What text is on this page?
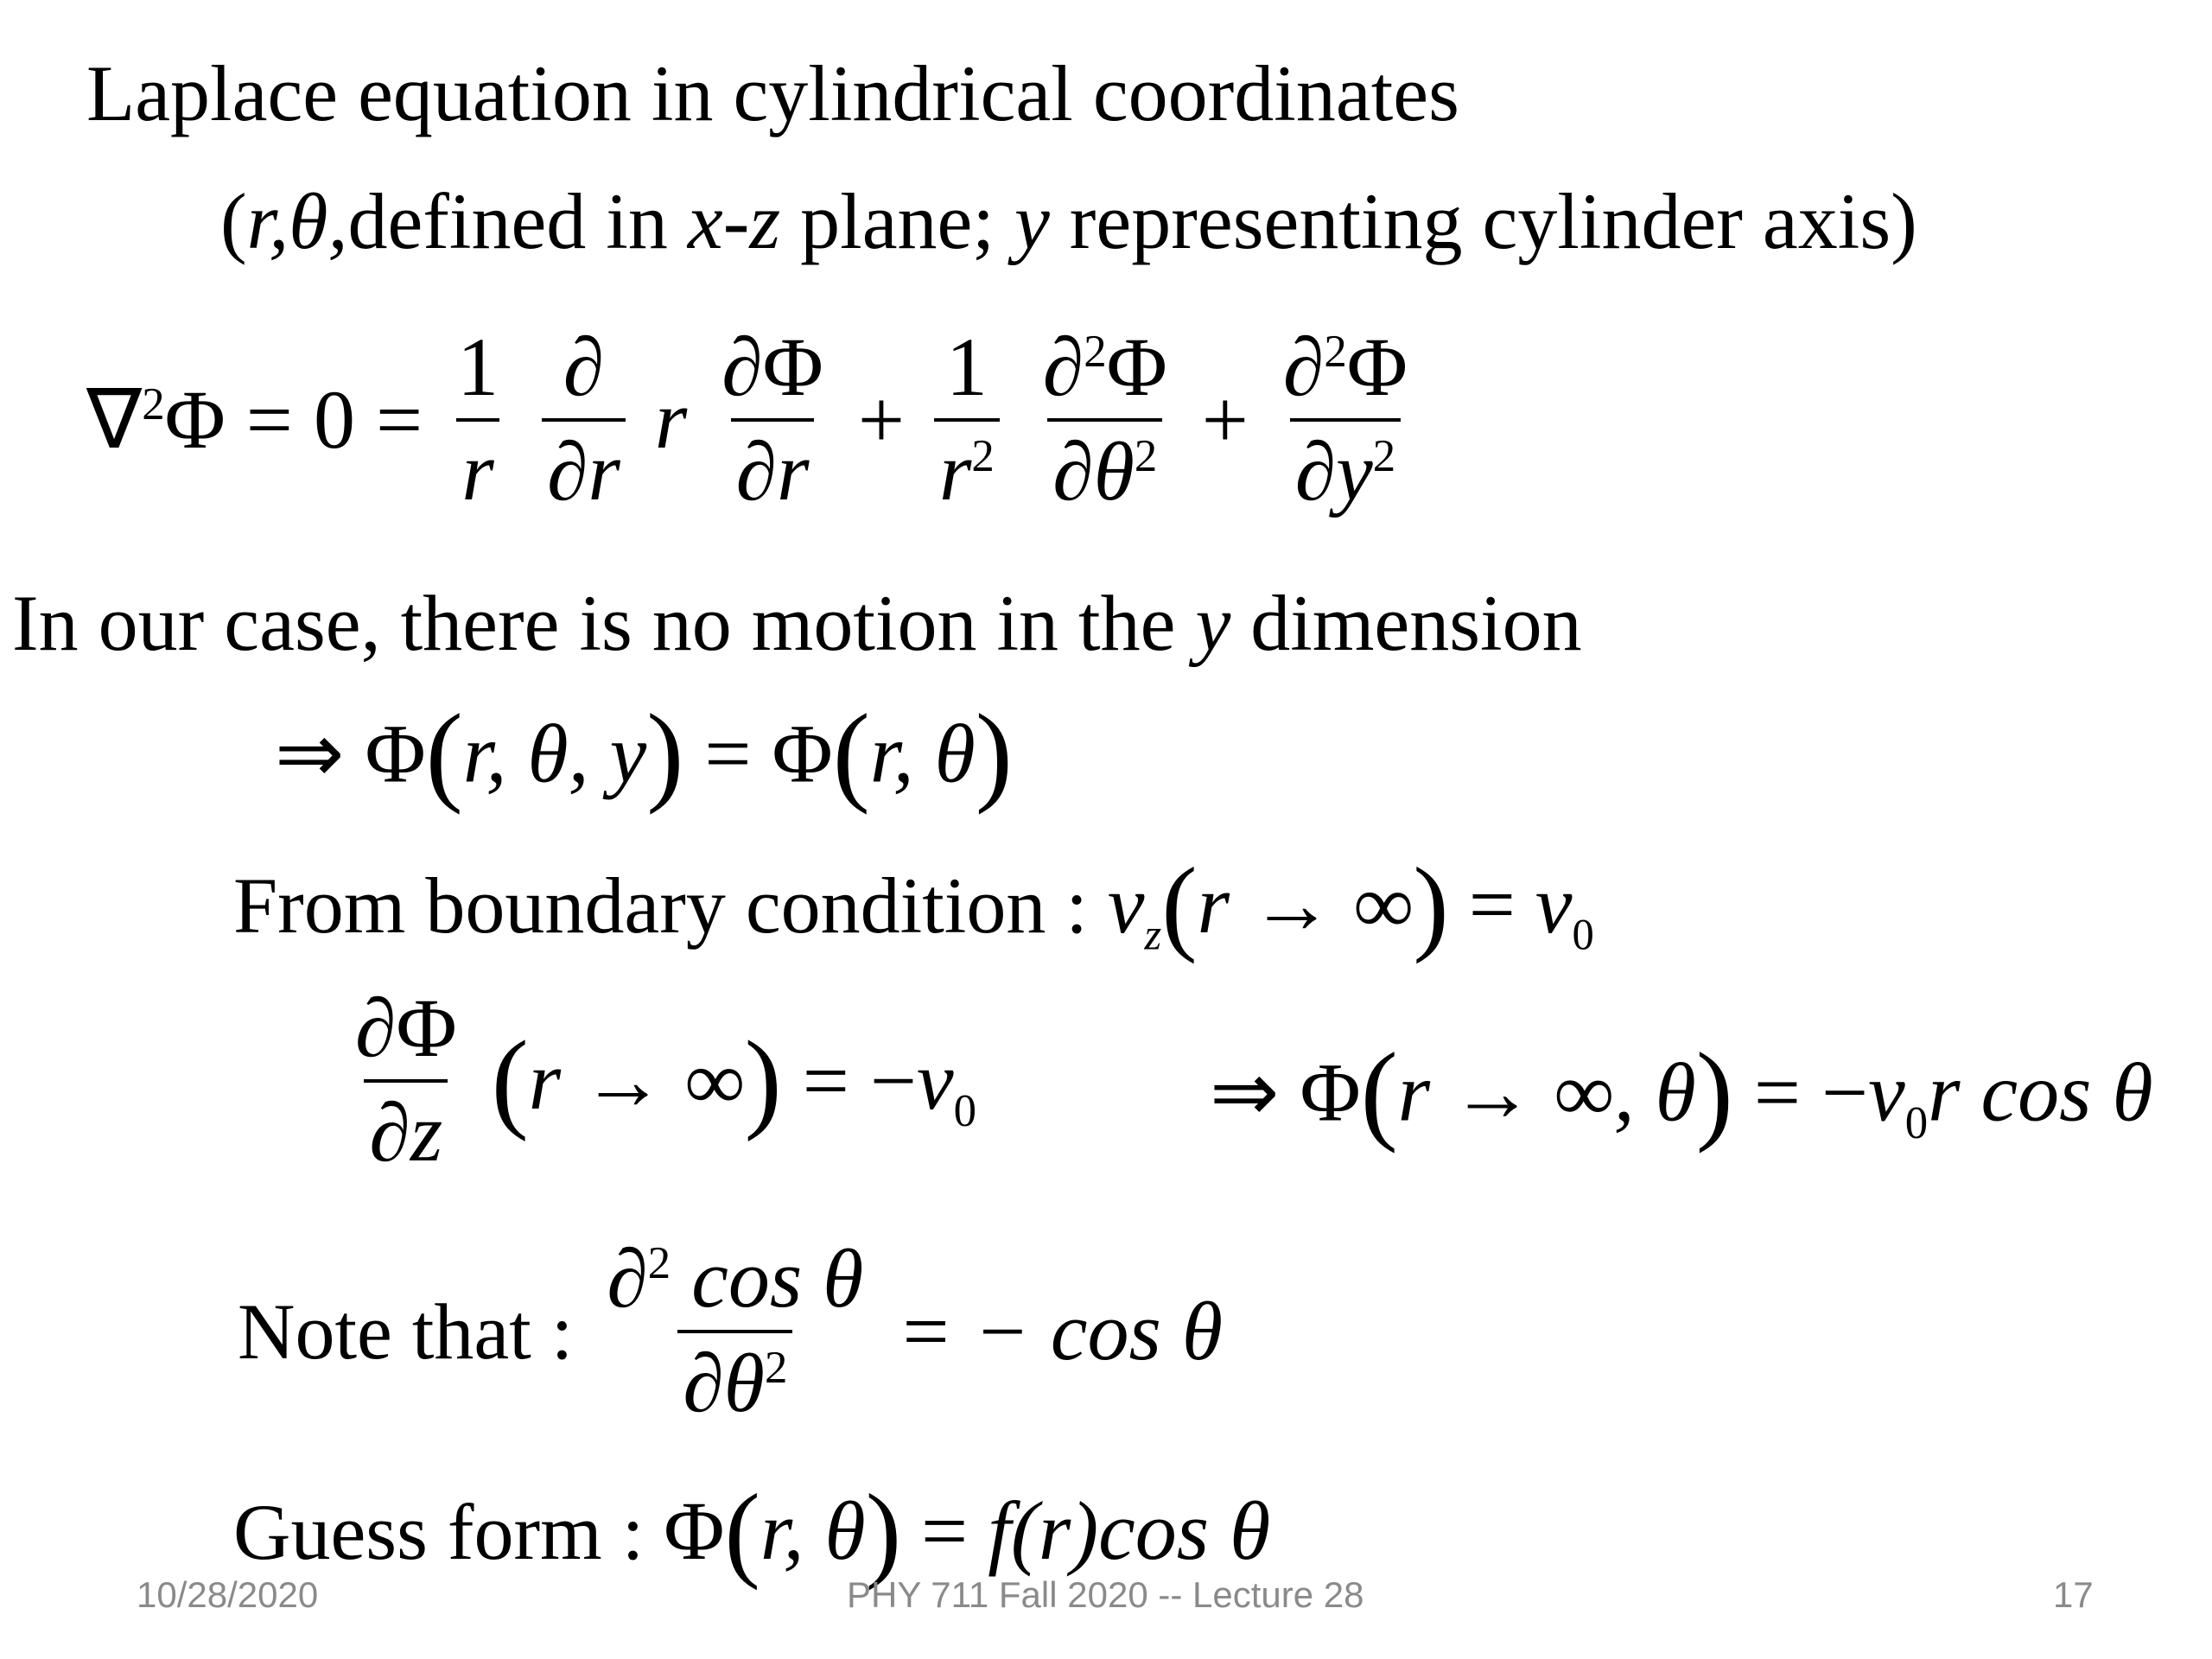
Laplace equation in cylindrical coordinates
(r,θ,defined in x-z plane; y representing cylinder axis)
$\nabla^2\Phi = 0 = \frac{1}{r}$
$\frac{\partial}{\partial r}$ r $\frac{\partial\Phi}{\partial r} + \frac{1}{r^2}$
$\frac{\partial^2\Phi}{\partial\theta^2} + \frac{\partial^2\Phi}{\partial y^2}$
In our case, there is no motion in the y dimension
⇒ Φ(r, θ, y) = Φ(r, θ)
From boundary condition : $v_z(r$ → ∞) = $v_0$
$\frac{\partial\Phi}{\partial z} (r$ → ∞) = $-v_0$	⇒ Φ(r → ∞, $\theta) = -v_0r$ cos θ
Note that : $\frac{\partial^2 \cos \theta}{\partial\theta^2}$ = − cos θ
Guess form : Φ(r, θ) = f(r)cos θ
10/28/2020	PHY 711 Fall 2020 -- Lecture 28	17
